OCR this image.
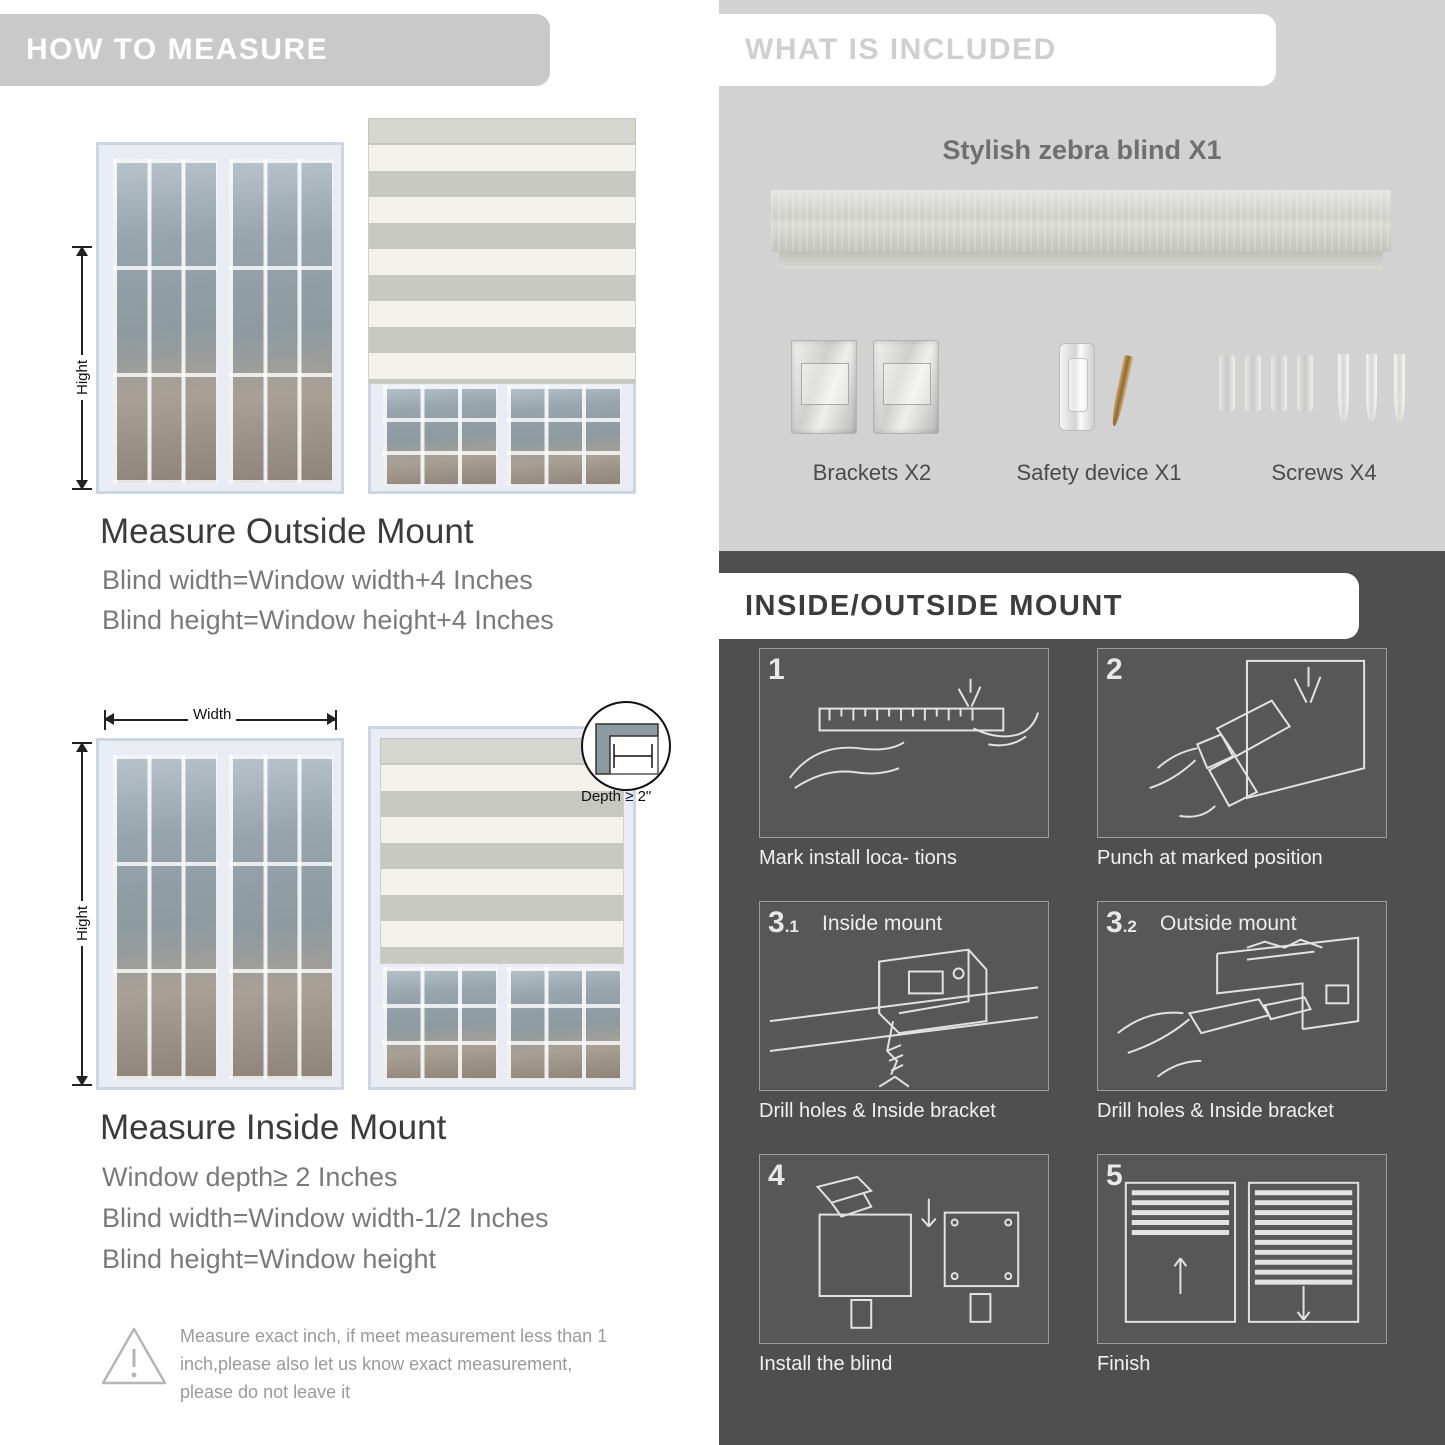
HOW TO MEASURE
Hight
Measure Outside Mount
Blind width=Window width+4 Inches
Blind height=Window height+4 Inches
Width
Hight
Depth ≥ 2"
Measure Inside Mount
Window depth≥ 2 Inches
Blind width=Window width-1/2 Inches
Blind height=Window height
Measure exact inch, if meet measurement less than 1 inch,please also let us know exact measurement, please do not leave it
WHAT IS INCLUDED
Stylish zebra blind X1
Brackets X2	Safety device X1	Screws X4
INSIDE/OUTSIDE MOUNT
1
Mark install loca- tions
2
Punch at marked position
3.1 Inside mount
Drill holes & Inside bracket
3.2 Outside mount
Drill holes & Inside bracket
4
Install the blind
5
Finish
